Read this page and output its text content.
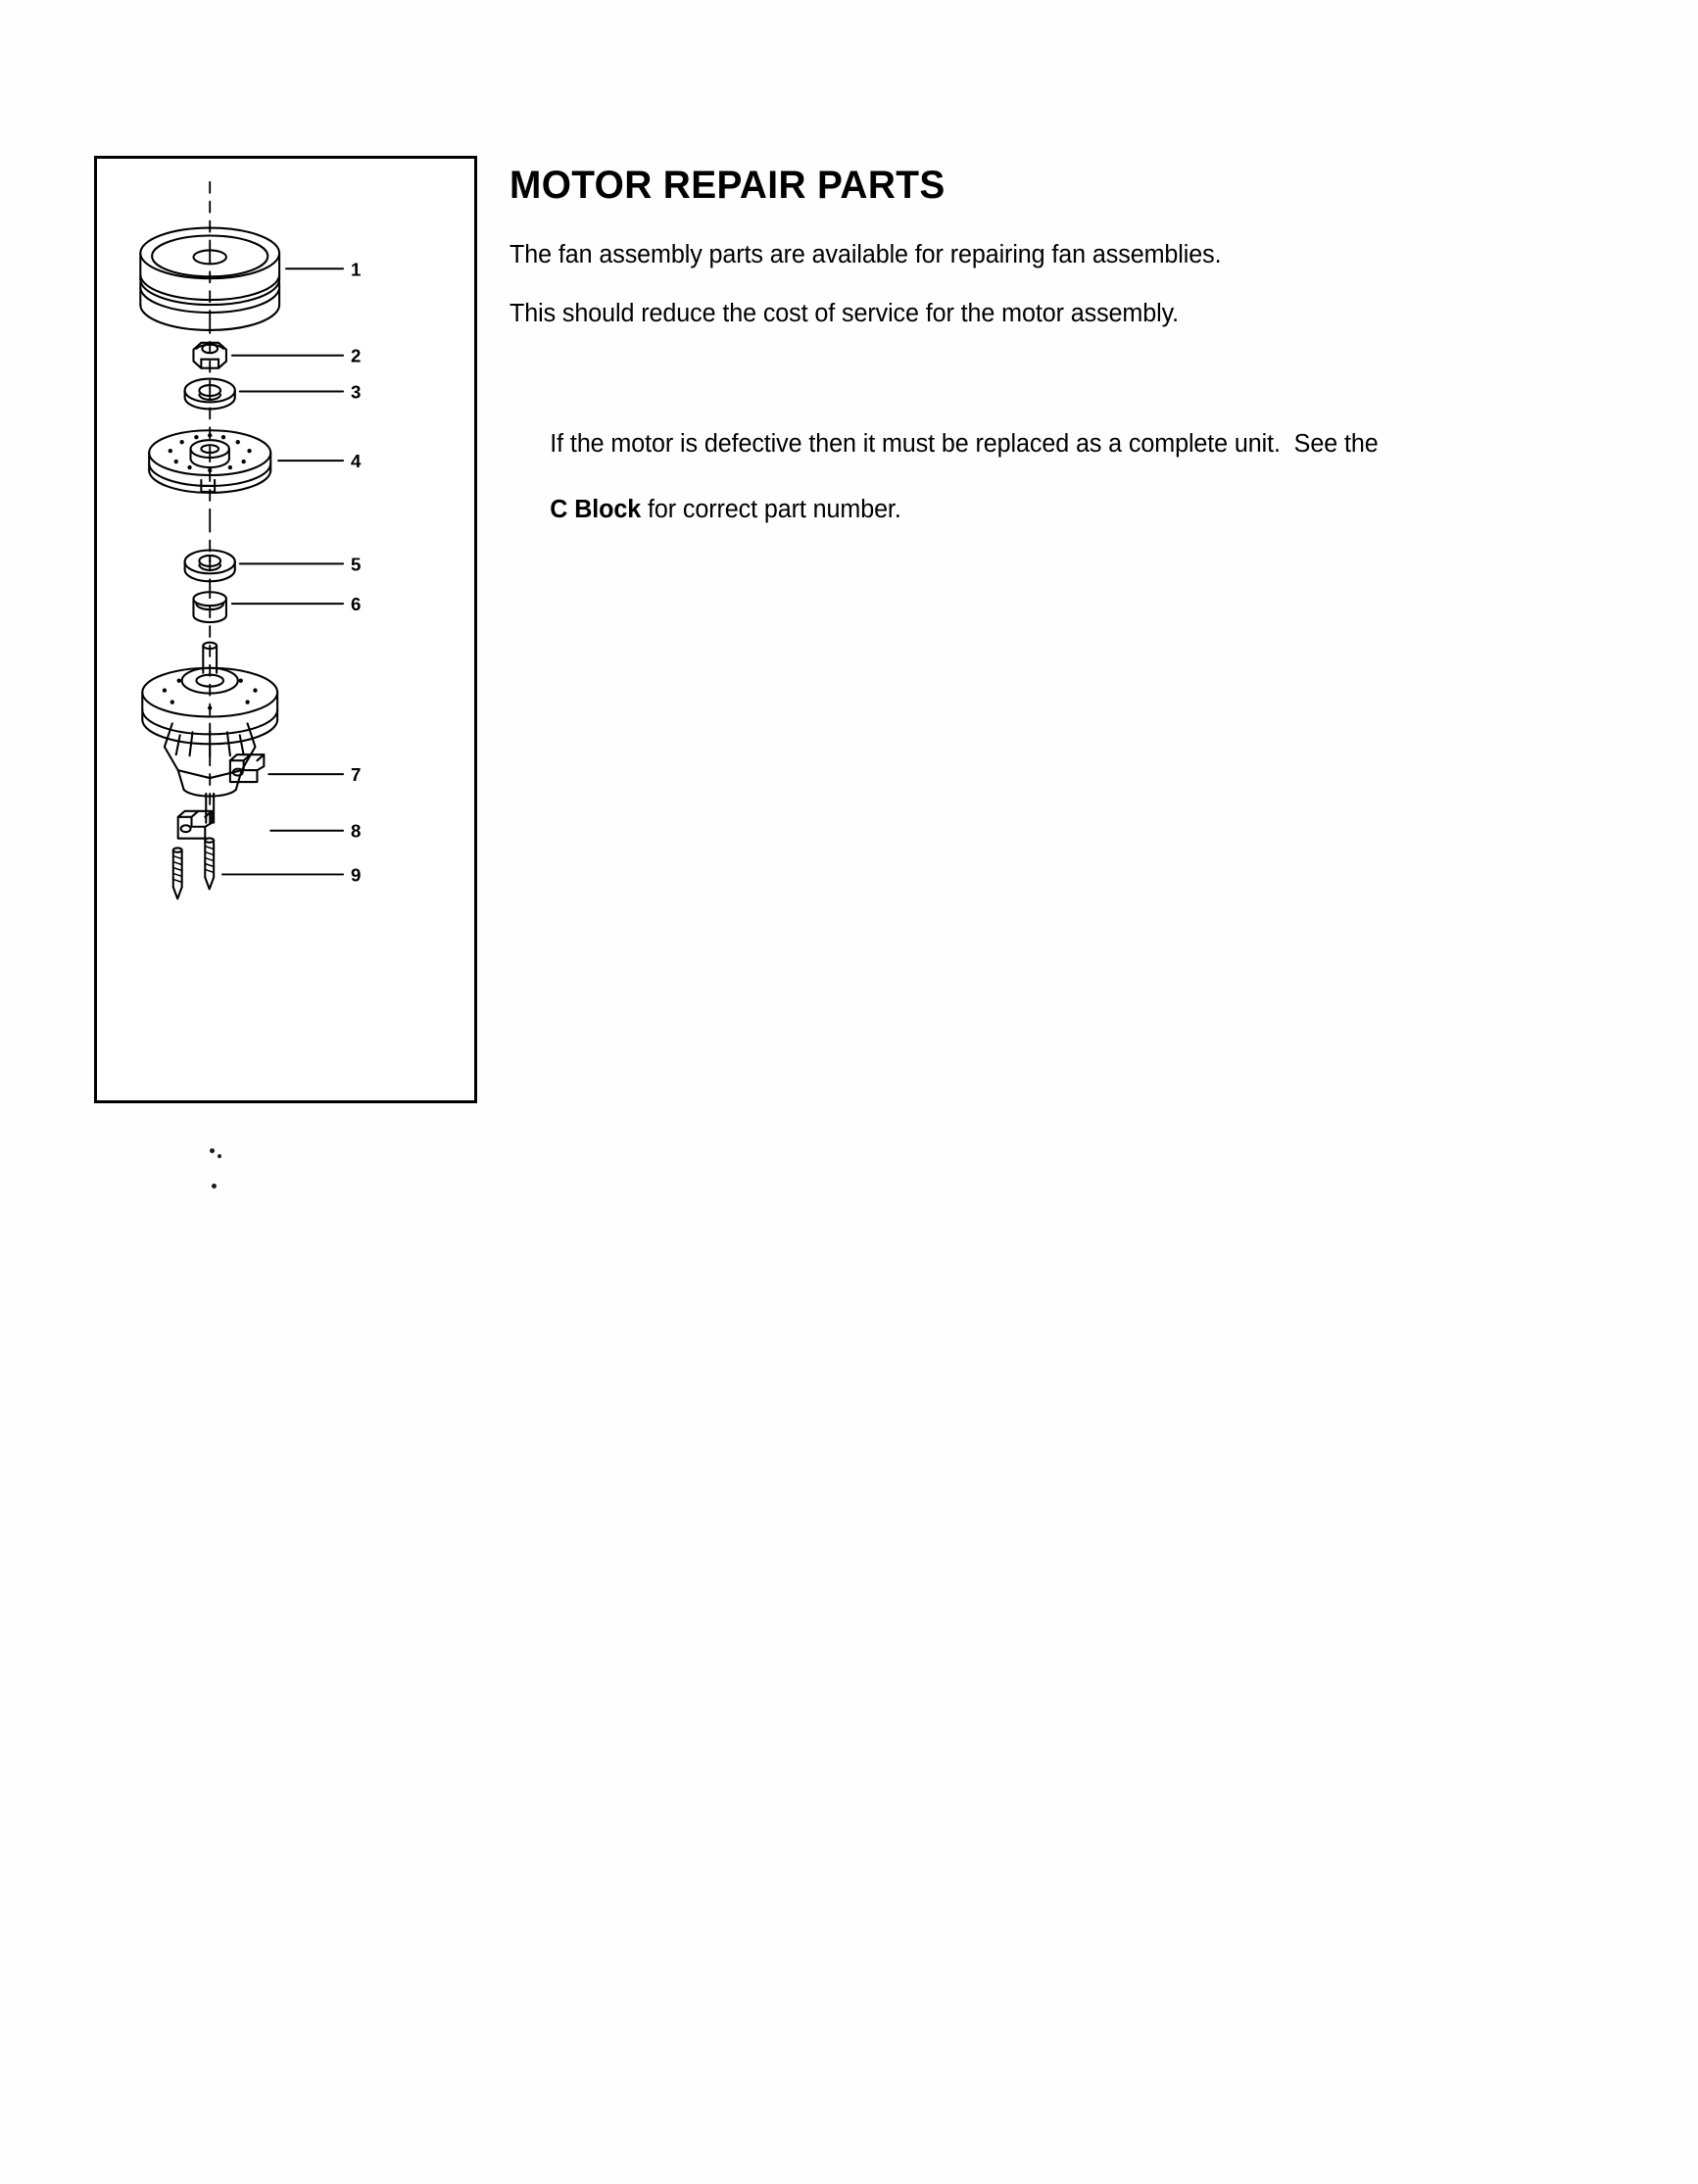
1
2
3
4
5
6
7
8
9
MOTOR REPAIR PARTS

The fan assembly parts are available for repairing fan assemblies.

This should reduce the cost of service for the motor assembly.

If the motor is defective then it must be replaced as a complete unit.  See the

C Block for correct part number.
